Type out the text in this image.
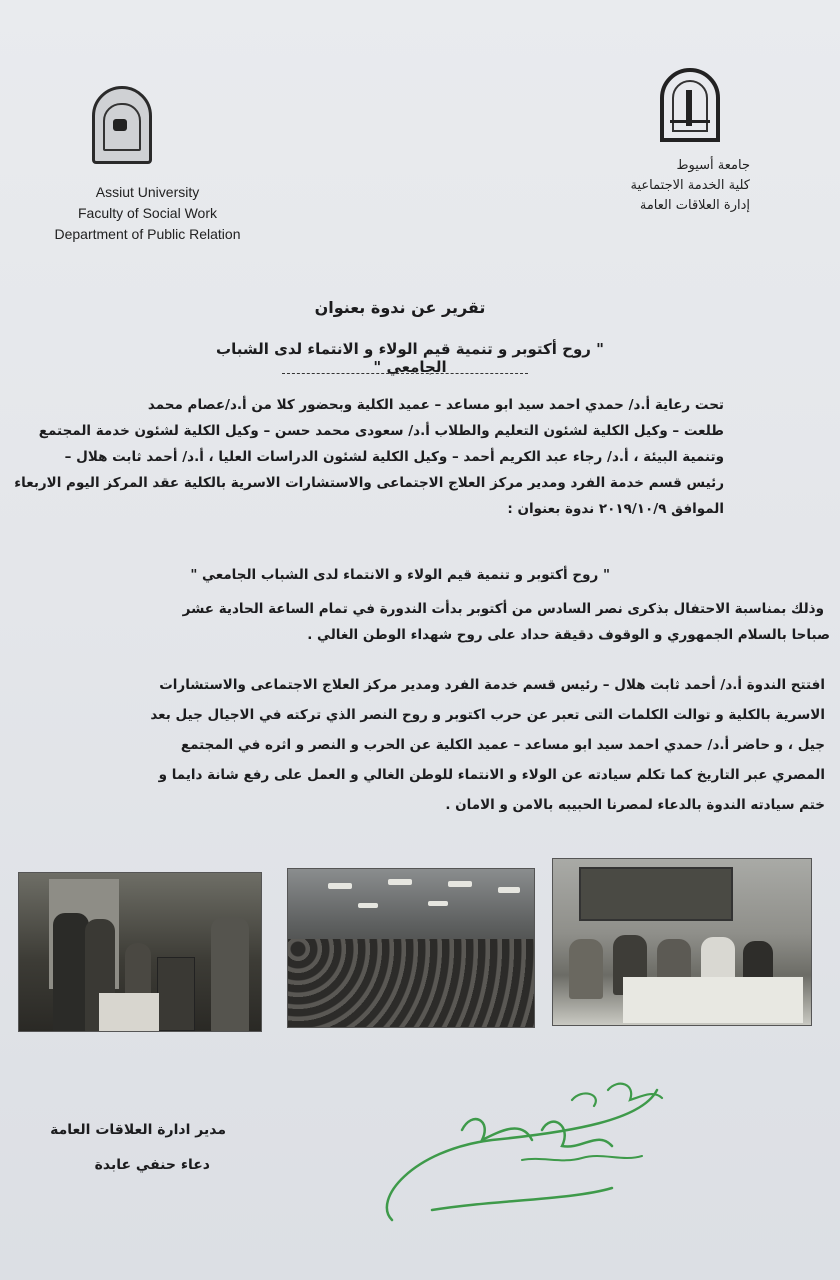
Assiut University
Faculty of Social Work
Department of Public Relation
جامعة أسيوط
كلية الخدمة الاجتماعية
إدارة العلاقات العامة
تقرير عن ندوة بعنوان
" روح أكتوبر و تنمية قيم الولاء و الانتماء لدى الشباب الجامعي "
تحت رعاية أ.د/ حمدي احمد سيد ابو مساعد – عميد الكلية وبحضور كلا من أ.د/عصام محمد
طلعت – وكيل الكلية لشئون التعليم والطلاب أ.د/ سعودى محمد حسن – وكيل الكلية لشئون خدمة المجتمع
وتنمية البيئة ، أ.د/ رجاء عبد الكريم أحمد – وكيل الكلية لشئون الدراسات العليا ، أ.د/ أحمد ثابت هلال –
رئيس قسم خدمة الفرد ومدير مركز العلاج الاجتماعى والاستشارات الاسرية بالكلية عقد المركز اليوم الاربعاء
الموافق ٢٠١٩/١٠/٩ ندوة بعنوان :
" روح أكتوبر و تنمية قيم الولاء و الانتماء لدى الشباب الجامعي "
وذلك بمناسبة الاحتفال بذكرى نصر السادس من أكتوبر بدأت الندورة في تمام الساعة الحادية عشر
صباحا بالسلام الجمهوري و الوقوف دقيقة حداد على روح شهداء الوطن الغالي .
افتتح الندوة أ.د/ أحمد ثابت هلال – رئيس قسم خدمة الفرد ومدير مركز العلاج الاجتماعى والاستشارات
الاسرية بالكلية و توالت الكلمات التى تعبر عن حرب اكتوبر و روح النصر الذي تركته في الاجيال جيل بعد
جيل ، و حاضر أ.د/ حمدي احمد سيد ابو مساعد – عميد الكلية عن الحرب و النصر و اثره في المجتمع
المصري عبر التاريخ كما تكلم سيادته عن الولاء و الانتماء للوطن الغالي و العمل على رفع شانة دايما و
ختم سيادته الندوة بالدعاء لمصرنا الحبيبه بالامن و الامان .
مدير ادارة العلاقات العامة
دعاء حنفي عابدة
